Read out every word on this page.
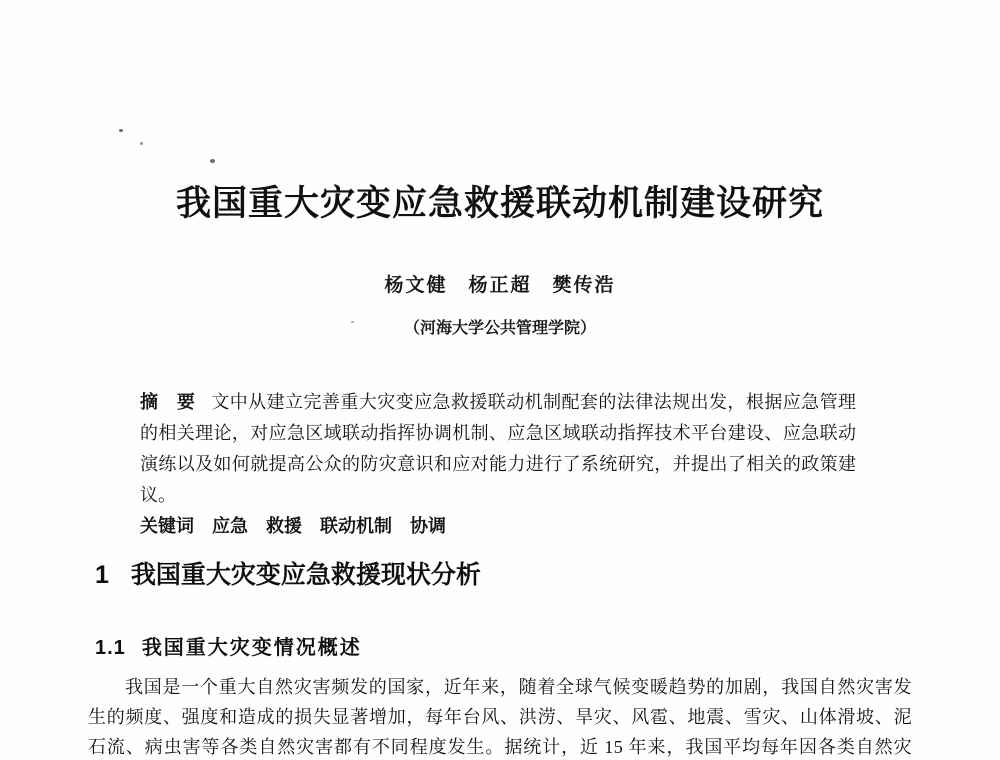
我国重大灾变应急救援联动机制建设研究
杨文健　杨正超　樊传浩
（河海大学公共管理学院）

摘　要 文中从建立完善重大灾变应急救援联动机制配套的法律法规出发，根据应急管理的相关理论，对应急区域联动指挥协调机制、应急区域联动指挥技术平台建设、应急联动演练以及如何就提高公众的防灾意识和应对能力进行了系统研究，并提出了相关的政策建议。

关键词 应急　救援　联动机制　协调

1 我国重大灾变应急救援现状分析
1.1 我国重大灾变情况概述

我国是一个重大自然灾害频发的国家，近年来，随着全球气候变暖趋势的加剧，我国自然灾害发生的频度、强度和造成的损失显著增加，每年台风、洪涝、旱灾、风雹、地震、雪灾、山体滑坡、泥石流、病虫害等各类自然灾害都有不同程度发生。据统计，近 15 年来，我国平均每年因各类自然灾
